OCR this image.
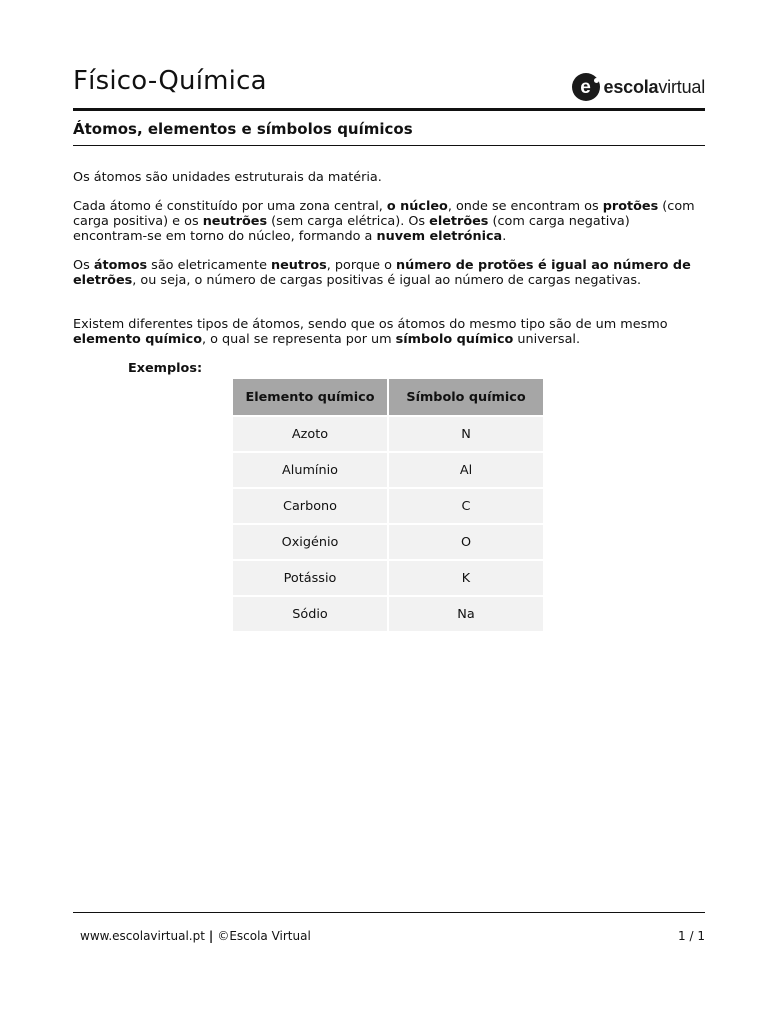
Físico-Química	e escolavirtual
Átomos, elementos e símbolos químicos
Os átomos são unidades estruturais da matéria.
Cada átomo é constituído por uma zona central, o núcleo, onde se encontram os protões (com carga positiva) e os neutrões (sem carga elétrica). Os eletrões (com carga negativa) encontram-se em torno do núcleo, formando a nuvem eletrónica.
Os átomos são eletricamente neutros, porque o número de protões é igual ao número de eletrões, ou seja, o número de cargas positivas é igual ao número de cargas negativas.
Existem diferentes tipos de átomos, sendo que os átomos do mesmo tipo são de um mesmo elemento químico, o qual se representa por um símbolo químico universal.
Exemplos:
Elemento químico	Símbolo químico
Azoto	N
Alumínio	Al
Carbono	C
Oxigénio	O
Potássio	K
Sódio	Na
www.escolavirtual.pt | ©Escola Virtual	1 / 1
